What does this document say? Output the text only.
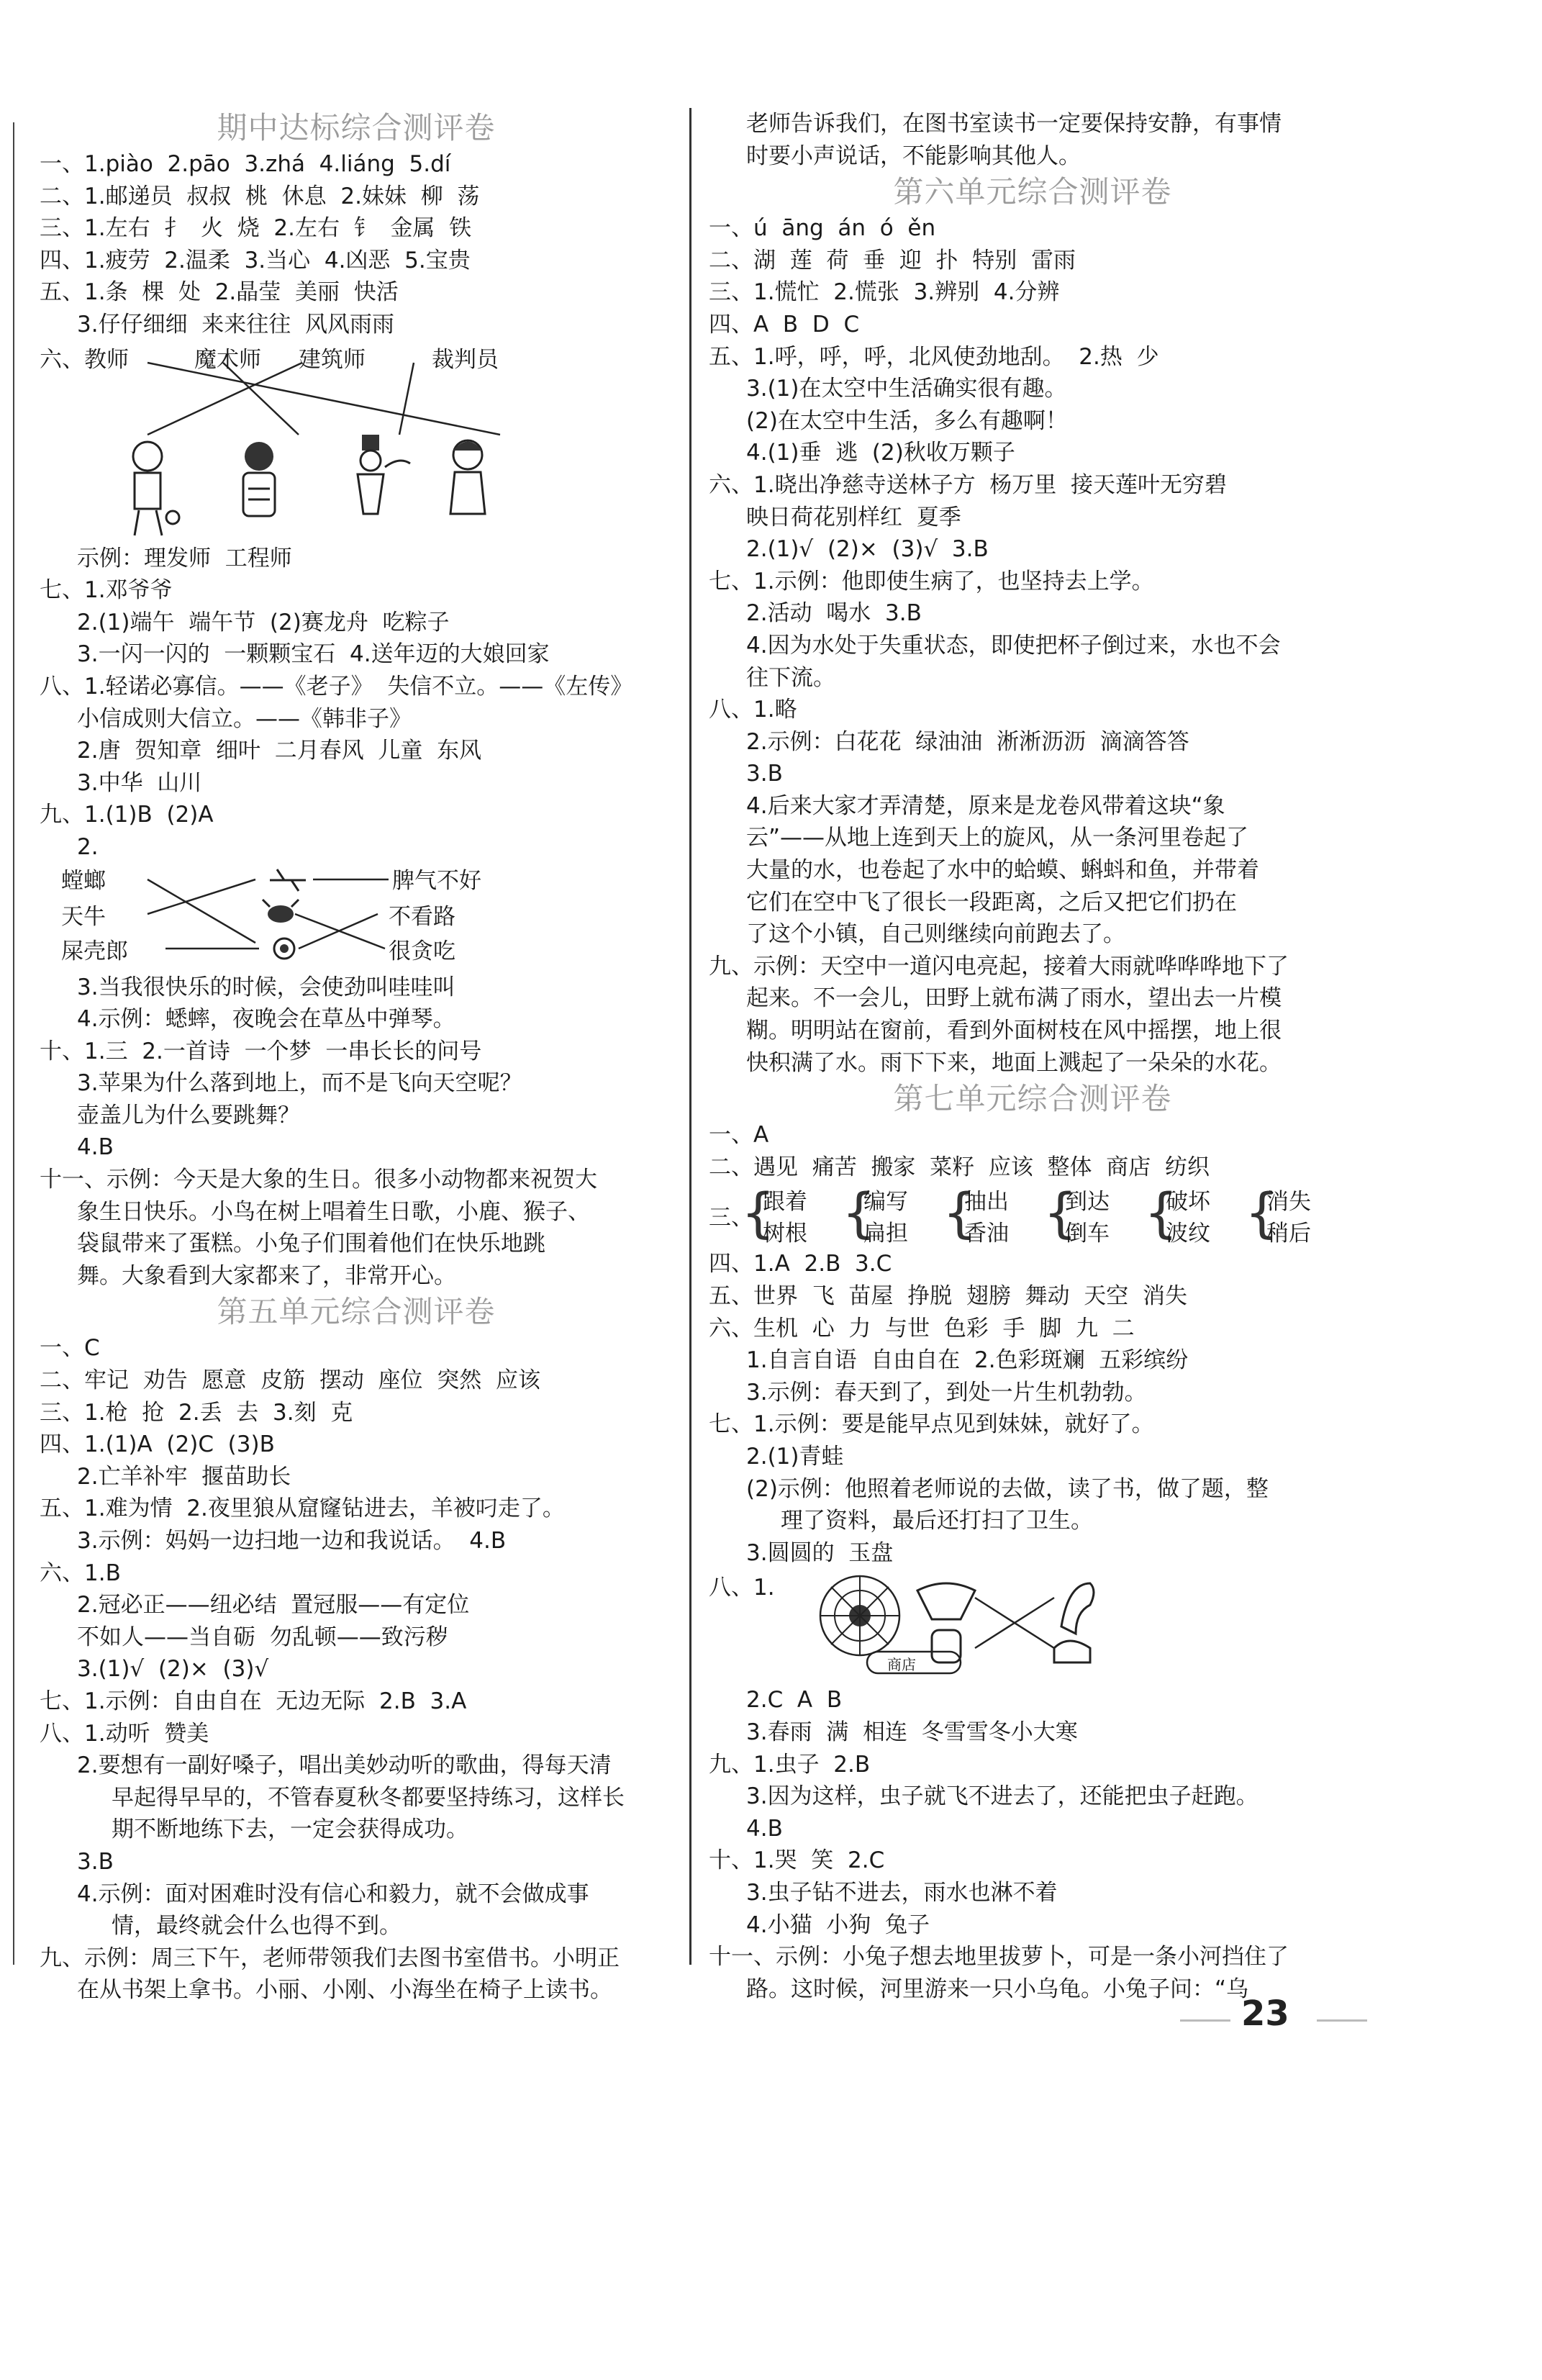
期中达标综合测评卷

一、1.piào  2.pāo  3.zhá  4.liáng  5.dí

二、1.邮递员  叔叔  桃  休息  2.妹妹  柳  荡

三、1.左右  扌  火  烧  2.左右  钅  金属  铁

四、1.疲劳  2.温柔  3.当心  4.凶恶  5.宝贵

五、1.条  棵  处  2.晶莹  美丽  快活

3.仔仔细细  来来往往  风风雨雨

六、教师	魔术师 建筑师	裁判员

示例：理发师  工程师

七、1.邓爷爷

2.(1)端午  端午节  (2)赛龙舟  吃粽子

3.一闪一闪的  一颗颗宝石  4.送年迈的大娘回家

八、1.轻诺必寡信。——《老子》  失信不立。——《左传》

小信成则大信立。——《韩非子》

2.唐  贺知章  细叶  二月春风  儿童  东风

3.中华  山川

九、1.(1)B  (2)A

2.

螳螂
天牛
屎壳郎
脾气不好
不看路
很贪吃

3.当我很快乐的时候，会使劲叫哇哇叫

4.示例：蟋蟀，夜晚会在草丛中弹琴。

十、1.三  2.一首诗  一个梦  一串长长的问号

3.苹果为什么落到地上，而不是飞向天空呢？

壶盖儿为什么要跳舞？

4.B

十一、示例：今天是大象的生日。很多小动物都来祝贺大

象生日快乐。小鸟在树上唱着生日歌，小鹿、猴子、

袋鼠带来了蛋糕。小兔子们围着他们在快乐地跳

舞。大象看到大家都来了，非常开心。

第五单元综合测评卷

一、C

二、牢记  劝告  愿意  皮筋  摆动  座位  突然  应该

三、1.枪  抢  2.丢  去  3.刻  克

四、1.(1)A  (2)C  (3)B

2.亡羊补牢  揠苗助长

五、1.难为情  2.夜里狼从窟窿钻进去，羊被叼走了。

3.示例：妈妈一边扫地一边和我说话。  4.B

六、1.B

2.冠必正——纽必结  置冠服——有定位

不如人——当自砺  勿乱顿——致污秽

3.(1)√  (2)×  (3)√

七、1.示例：自由自在  无边无际  2.B  3.A

八、1.动听  赞美

2.要想有一副好嗓子，唱出美妙动听的歌曲，得每天清

早起得早早的，不管春夏秋冬都要坚持练习，这样长

期不断地练下去，一定会获得成功。

3.B

4.示例：面对困难时没有信心和毅力，就不会做成事

情，最终就会什么也得不到。

九、示例：周三下午，老师带领我们去图书室借书。小明正

在从书架上拿书。小丽、小刚、小海坐在椅子上读书。

老师告诉我们，在图书室读书一定要保持安静，有事情

时要小声说话，不能影响其他人。

第六单元综合测评卷

一、ú  āng  án  ó  ěn

二、湖  莲  荷  垂  迎  扑  特别  雷雨

三、1.慌忙  2.慌张  3.辨别  4.分辨

四、A  B  D  C

五、1.呼，呼，呼，北风使劲地刮。  2.热  少

3.(1)在太空中生活确实很有趣。

(2)在太空中生活，多么有趣啊！

4.(1)垂  逃  (2)秋收万颗子

六、1.晓出净慈寺送林子方  杨万里  接天莲叶无穷碧

映日荷花别样红  夏季

2.(1)√  (2)×  (3)√  3.B

七、1.示例：他即使生病了，也坚持去上学。

2.活动  喝水  3.B

4.因为水处于失重状态，即使把杯子倒过来，水也不会

往下流。

八、1.略

2.示例：白花花  绿油油  淅淅沥沥  滴滴答答

3.B

4.后来大家才弄清楚，原来是龙卷风带着这块“象

云”——从地上连到天上的旋风，从一条河里卷起了

大量的水，也卷起了水中的蛤蟆、蝌蚪和鱼，并带着

它们在空中飞了很长一段距离，之后又把它们扔在

了这个小镇，自己则继续向前跑去了。

九、示例：天空中一道闪电亮起，接着大雨就哗哗哗地下了

起来。不一会儿，田野上就布满了雨水，望出去一片模

糊。明明站在窗前，看到外面树枝在风中摇摆，地上很

快积满了水。雨下下来，地面上溅起了一朵朵的水花。

第七单元综合测评卷

一、A

二、遇见  痛苦  搬家  菜籽  应该  整体  商店  纺织

三、
{
跟着
树根 {
编写
扁担 {
抽出
香油 {
到达
倒车 {
破坏
波纹 {
消失
稍后

四、1.A  2.B  3.C

五、世界  飞  苗屋  挣脱  翅膀  舞动  天空  消失

六、生机  心  力  与世  色彩  手  脚  九  二

1.自言自语  自由自在  2.色彩斑斓  五彩缤纷

3.示例：春天到了，到处一片生机勃勃。

七、1.示例：要是能早点见到妹妹，就好了。

2.(1)青蛙

(2)示例：他照着老师说的去做，读了书，做了题，整

理了资料，最后还打扫了卫生。

3.圆圆的  玉盘

八、1.
商店

2.C  A  B

3.春雨  满  相连  冬雪雪冬小大寒

九、1.虫子  2.B

3.因为这样，虫子就飞不进去了，还能把虫子赶跑。

4.B

十、1.哭  笑  2.C

3.虫子钻不进去，雨水也淋不着

4.小猫  小狗  兔子

十一、示例：小兔子想去地里拔萝卜，可是一条小河挡住了

路。这时候，河里游来一只小乌龟。小兔子问：“乌

23
